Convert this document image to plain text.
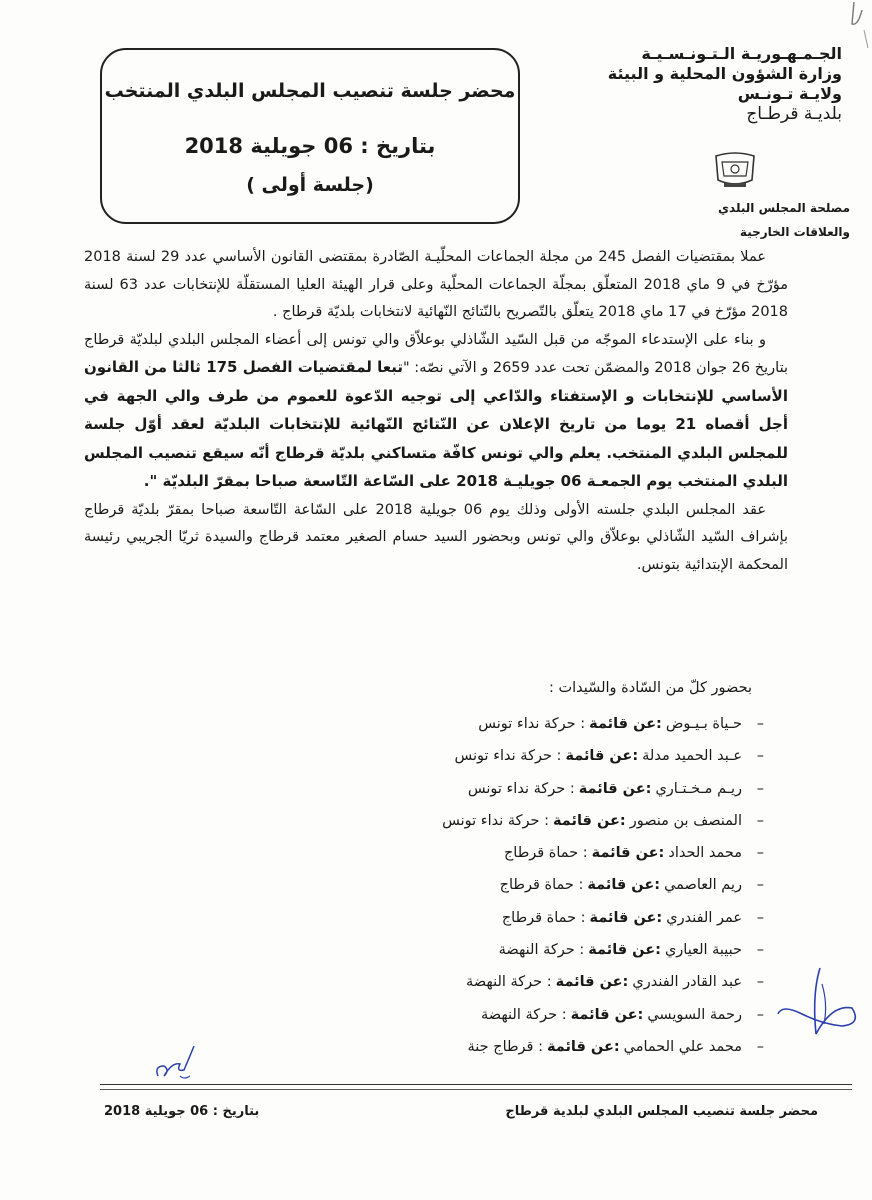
محضر جلسة تنصيب المجلس البلدي المنتخب
بتاريخ : 06 جويلية 2018
(جلسة أولى )
الجـمـهـوريـة الـتـونـسـيـة
وزارة الشؤون المحلية و البيئة
ولايـة تـونـس
بلديـة قرطـاج
مصلحة المجلس البلدي
والعلاقات الخارجية

عملا بمقتضيات الفصل 245 من مجلة الجماعات المحلّيـة الصّادرة بمقتضى القانون الأساسي عدد 29 لسنة 2018 مؤرّخ في 9 ماي 2018 المتعلّق بمجلّة الجماعات المحلّية وعلى قرار الهيئة العليا المستقلّة للإنتخابات عدد 63 لسنة 2018 مؤرّخ في 17 ماي 2018 يتعلّق بالتّصريح بالنّتائج النّهائية لانتخابات بلديّة قرطاج .

و بناء على الإستدعاء الموجّه من قبل السّيد الشّاذلي بوعلاّق والي تونس إلى أعضاء المجلس البلدي لبلديّة قرطاج بتاريخ 26 جوان 2018 والمضمّن تحت عدد 2659 و الآتي نصّه: "تبعا لمقتضيات الفصل 175 ثالثا من القانون الأساسي للإنتخابات و الإستفتاء والدّاعي إلى توجيه الدّعوة للعموم من طرف والي الجهة في أجل أقصاه 21 يوما من تاريخ الإعلان عن النّتائج النّهائية للإنتخابات البلديّة لعقد أوّل جلسة للمجلس البلدي المنتخب. يعلم والي تونس كافّة متساكني بلديّة قرطاج أنّه سيقع تنصيب المجلس البلدي المنتخب يوم الجمعـة 06 جويليـة 2018 على السّاعة التّاسعة صباحا بمقرّ البلديّة ".

عقد المجلس البلدي جلسته الأولى وذلك يوم 06 جويلية 2018 على السّاعة التّاسعة صباحا بمقرّ بلديّة قرطاج بإشراف السّيد الشّاذلي بوعلاّق والي تونس وبحضور السيد حسام الصغير معتمد قرطاج والسيدة ثريّا الجريبي رئيسة المحكمة الإبتدائية بتونس.

بحضور كلّ من السّادة والسّيدات :
– حـياة بـيـوض:عن قائمة: حركة نداء تونس
– عـبد الحميد مدلة:عن قائمة: حركة نداء تونس
– ريـم مـخـتـاري:عن قائمة: حركة نداء تونس
– المنصف بن منصور:عن قائمة: حركة نداء تونس
– محمد الحداد:عن قائمة: حماة قرطاج
– ريم العاصمي:عن قائمة: حماة قرطاج
– عمر الفندري:عن قائمة: حماة قرطاج
– حبيبة العياري:عن قائمة: حركة النهضة
– عبد القادر الفندري:عن قائمة: حركة النهضة
– رحمة السويسي:عن قائمة: حركة النهضة
– محمد علي الحمامي:عن قائمة: قرطاج جنة
محضر جلسة تنصيب المجلس البلدي لبلدية قرطاج
بتاريخ : 06 جويلية 2018
